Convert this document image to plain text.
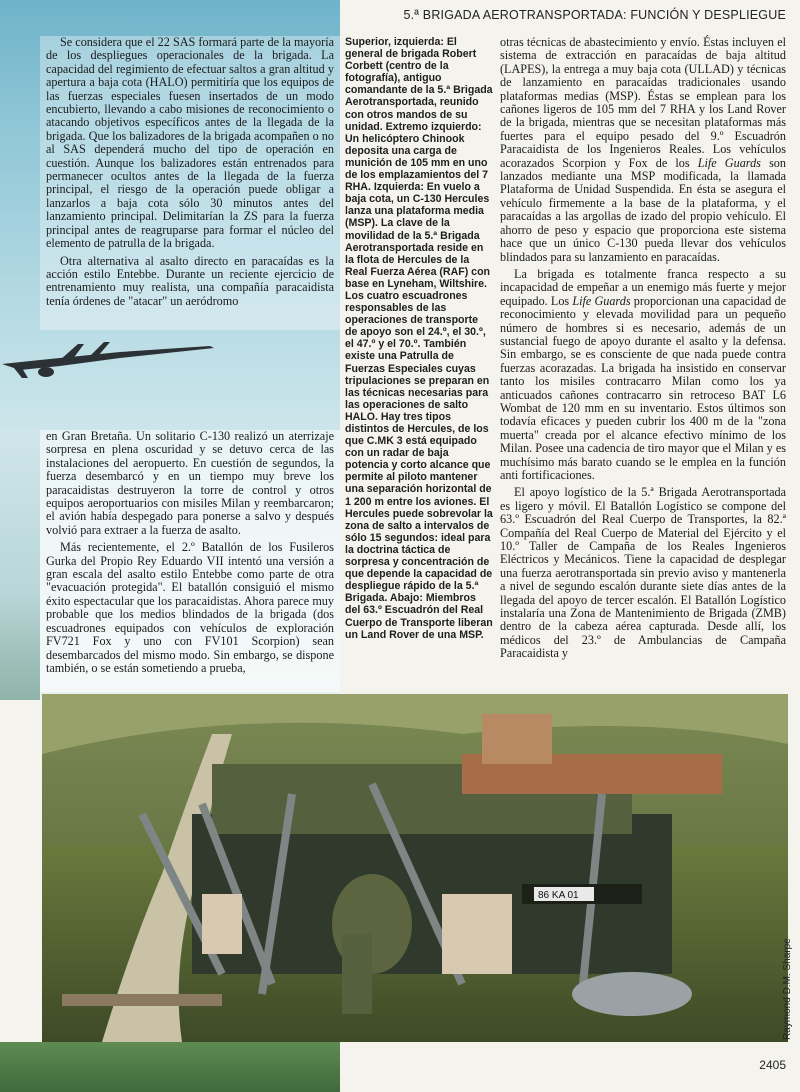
5.ª BRIGADA AEROTRANSPORTADA: FUNCIÓN Y DESPLIEGUE

Se considera que el 22 SAS formará parte de la mayoría de los despliegues operacionales de la brigada. La capacidad del regimiento de efectuar saltos a gran altitud y apertura a baja cota (HALO) permitiría que los equipos de las fuerzas especiales fuesen insertados de un modo encubierto, llevando a cabo misiones de reconocimiento o atacando objetivos específicos antes de la llegada de la brigada. Que los balizadores de la brigada acompañen o no al SAS dependerá mucho del tipo de operación en cuestión. Aunque los balizadores están entrenados para permanecer ocultos antes de la llegada de la fuerza principal, el riesgo de la operación puede obligar a lanzarlos a baja cota sólo 30 minutos antes del lanzamiento principal. Delimitarían la ZS para la fuerza principal antes de reagruparse para formar el núcleo del elemento de patrulla de la brigada.

Otra alternativa al asalto directo en paracaídas es la acción estilo Entebbe. Durante un reciente ejercicio de entrenamiento muy realista, una compañía paracaidista tenía órdenes de "atacar" un aeródromo

en Gran Bretaña. Un solitario C-130 realizó un aterrizaje sorpresa en plena oscuridad y se detuvo cerca de las instalaciones del aeropuerto. En cuestión de segundos, la fuerza desembarcó y en un tiempo muy breve los paracaidistas destruyeron la torre de control y otros equipos aeroportuarios con misiles Milan y reembarcaron; el avión había despegado para ponerse a salvo y después volvió para extraer a la fuerza de asalto.

Más recientemente, el 2.º Batallón de los Fusileros Gurka del Propio Rey Eduardo VII intentó una versión a gran escala del asalto estilo Entebbe como parte de otra "evacuación protegida". El batallón consiguió el mismo éxito espectacular que los paracaidistas. Ahora parece muy probable que los medios blindados de la brigada (dos escuadrones equipados con vehículos de exploración FV721 Fox y uno con FV101 Scorpion) sean desembarcados del mismo modo. Sin embargo, se dispone también, o se están sometiendo a prueba,

Superior, izquierda: El general de brigada Robert Corbett (centro de la fotografía), antiguo comandante de la 5.ª Brigada Aerotransportada, reunido con otros mandos de su unidad. Extremo izquierdo: Un helicóptero Chinook deposita una carga de munición de 105 mm en uno de los emplazamientos del 7 RHA. Izquierda: En vuelo a baja cota, un C-130 Hercules lanza una plataforma media (MSP). La clave de la movilidad de la 5.ª Brigada Aerotransportada reside en la flota de Hercules de la Real Fuerza Aérea (RAF) con base en Lyneham, Wiltshire. Los cuatro escuadrones responsables de las operaciones de transporte de apoyo son el 24.º, el 30.º, el 47.º y el 70.º. También existe una Patrulla de Fuerzas Especiales cuyas tripulaciones se preparan en las técnicas necesarias para las operaciones de salto HALO. Hay tres tipos distintos de Hercules, de los que C.MK 3 está equipado con un radar de baja potencia y corto alcance que permite al piloto mantener una separación horizontal de 1 200 m entre los aviones. El Hercules puede sobrevolar la zona de salto a intervalos de sólo 15 segundos: ideal para la doctrina táctica de sorpresa y concentración de que depende la capacidad de despliegue rápido de la 5.ª Brigada. Abajo: Miembros del 63.º Escuadrón del Real Cuerpo de Transporte liberan un Land Rover de una MSP.

otras técnicas de abastecimiento y envío. Éstas incluyen el sistema de extracción en paracaídas de baja altitud (LAPES), la entrega a muy baja cota (ULLAD) y técnicas de lanzamiento en paracaídas tradicionales usando plataformas medias (MSP). Éstas se emplean para los cañones ligeros de 105 mm del 7 RHA y los Land Rover de la brigada, mientras que se necesitan plataformas más fuertes para el equipo pesado del 9.º Escuadrón Paracaidista de los Ingenieros Reales. Los vehículos acorazados Scorpion y Fox de los Life Guards son lanzados mediante una MSP modificada, la llamada Plataforma de Unidad Suspendida. En ésta se asegura el vehículo firmemente a la base de la plataforma, y el paracaídas a las argollas de izado del propio vehículo. El ahorro de peso y espacio que proporciona este sistema hace que un único C-130 pueda llevar dos vehículos blindados para su lanzamiento en paracaídas.

La brigada es totalmente franca respecto a su incapacidad de empeñar a un enemigo más fuerte y mejor equipado. Los Life Guards proporcionan una capacidad de reconocimiento y elevada movilidad para un pequeño número de hombres si es necesario, además de un sustancial fuego de apoyo durante el asalto y la defensa. Sin embargo, se es consciente de que nada puede contra fuerzas acorazadas. La brigada ha insistido en conservar tanto los misiles contracarro Milan como los ya anticuados cañones contracarro sin retroceso BAT L6 Wombat de 120 mm en su inventario. Estos últimos son todavía eficaces y pueden cubrir los 400 m de la "zona muerta" creada por el alcance efectivo mínimo de los Milan. Posee una cadencia de tiro mayor que el Milan y es muchísimo más barato cuando se le emplea en la función anti fortificaciones.

El apoyo logístico de la 5.ª Brigada Aerotransportada es ligero y móvil. El Batallón Logístico se compone del 63.º Escuadrón del Real Cuerpo de Transportes, la 82.ª Compañía del Real Cuerpo de Material del Ejército y el 10.º Taller de Campaña de los Reales Ingenieros Eléctricos y Mecánicos. Tiene la capacidad de desplegar una fuerza aerotransportada sin previo aviso y mantenerla a nivel de segundo escalón durante siete días antes de la llegada del apoyo de tercer escalón. El Batallón Logístico instalaría una Zona de Mantenimiento de Brigada (ZMB) dentro de la cabeza aérea capturada. Desde allí, los médicos del 23.º de Ambulancias de Campaña Paracaidista y

86 KA 01
Raymond D.M. Sharpe
2405
